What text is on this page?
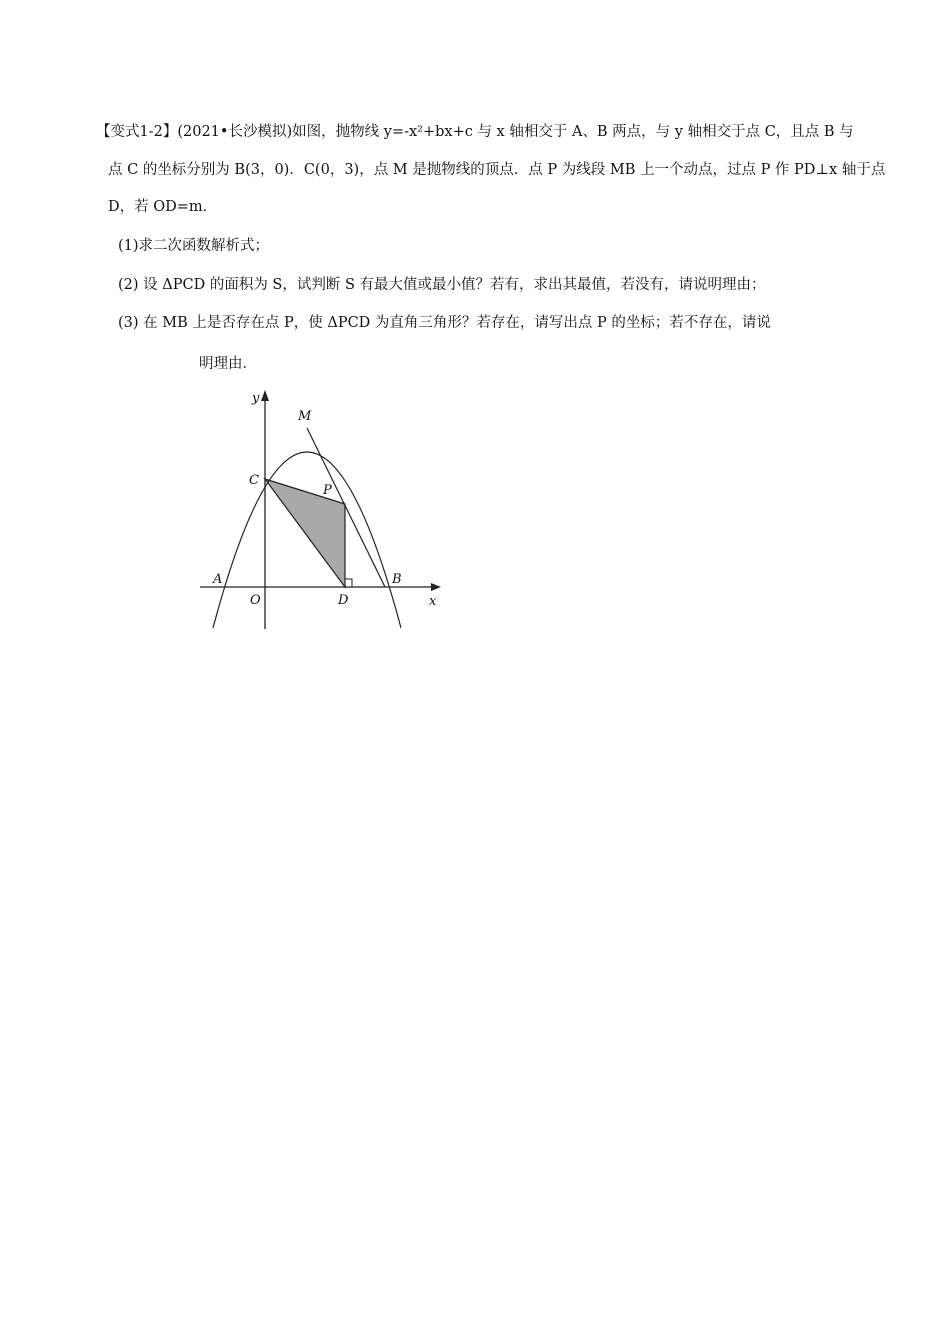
【变式1-2】(2021•长沙模拟)如图，抛物线 y=-x²+bx+c 与 x 轴相交于 A、B 两点，与 y 轴相交于点 C，且点 B 与
点 C 的坐标分别为 B(3，0)．C(0，3)，点 M 是抛物线的顶点．点 P 为线段 MB 上一个动点，过点 P 作 PD⊥x 轴于点
D，若 OD=m．
(1)求二次函数解析式；
(2) 设 ΔPCD 的面积为 S，试判断 S 有最大值或最小值？若有，求出其最值，若没有，请说明理由；
(3) 在 MB 上是否存在点 P，使 ΔPCD 为直角三角形？若存在，请写出点 P 的坐标；若不存在，请说
明理由．
y
M
C
P
A	B
O	D	x
